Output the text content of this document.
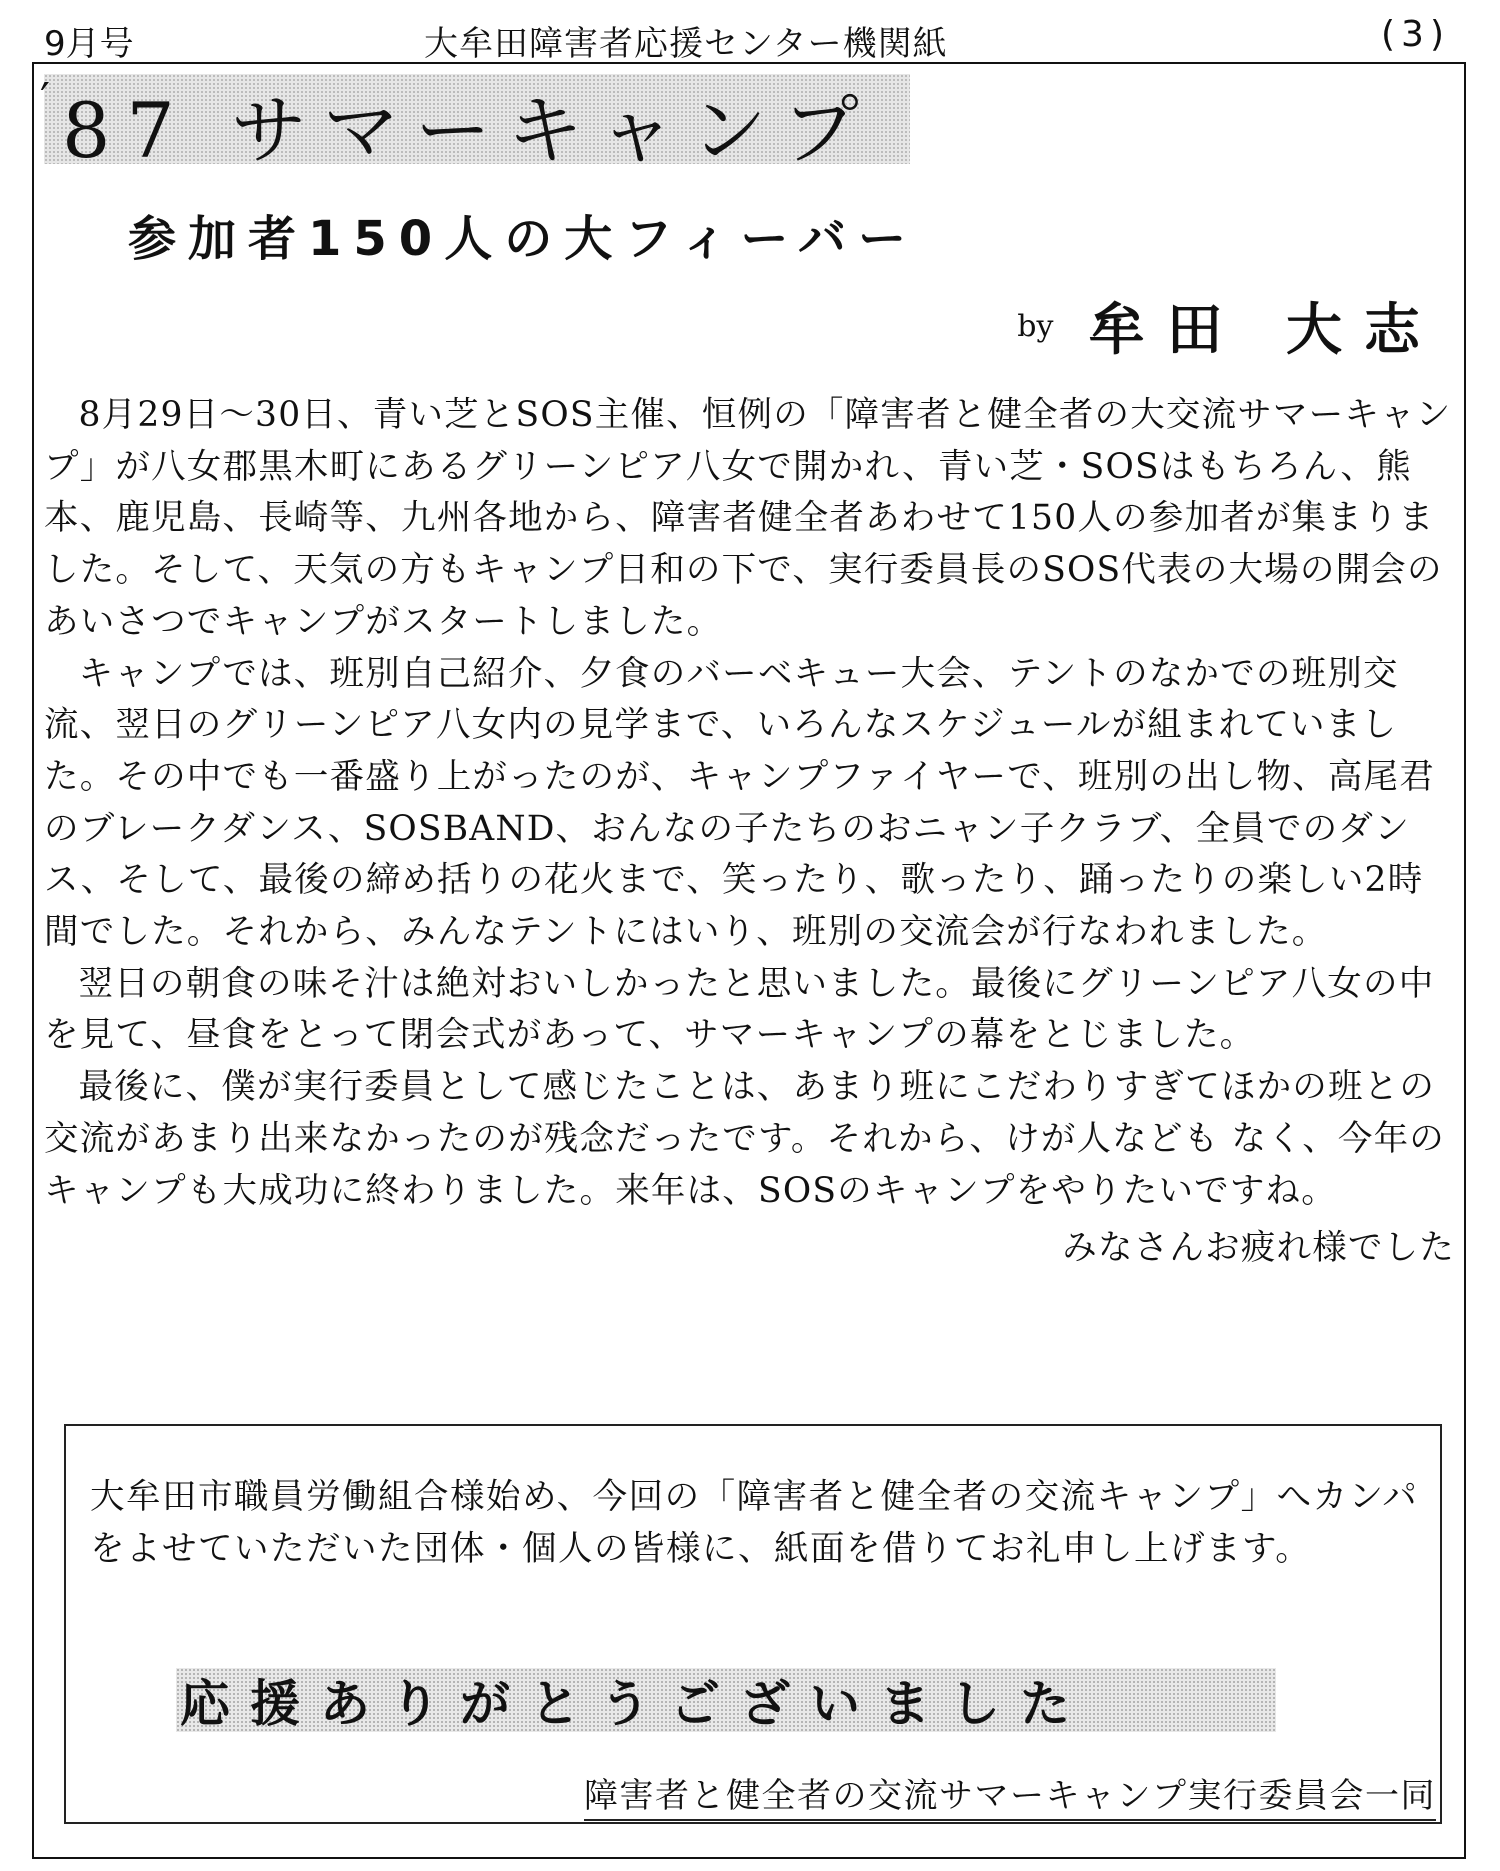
9月号	大牟田障害者応援センター機関紙	(3)
′ 87 サマーキャンプ
参加者150人の大フィーバー
by 牟田 大志

8月29日〜30日、青い芝とSOS主催、恒例の「障害者と健全者の大交流サマーキャンプ」が八女郡黒木町にあるグリーンピア八女で開かれ、青い芝・SOSはもちろん、熊本、鹿児島、長崎等、九州各地から、障害者健全者あわせて150人の参加者が集まりました。そして、天気の方もキャンプ日和の下で、実行委員長のSOS代表の大場の開会のあいさつでキャンプがスタートしました。

キャンプでは、班別自己紹介、夕食のバーベキュー大会、テントのなかでの班別交流、翌日のグリーンピア八女内の見学まで、いろんなスケジュールが組まれていました。その中でも一番盛り上がったのが、キャンプファイヤーで、班別の出し物、高尾君のブレークダンス、SOSBAND、おんなの子たちのおニャン子クラブ、全員でのダンス、そして、最後の締め括りの花火まで、笑ったり、歌ったり、踊ったりの楽しい2時間でした。それから、みんなテントにはいり、班別の交流会が行なわれました。

翌日の朝食の味そ汁は絶対おいしかったと思いました。最後にグリーンピア八女の中を見て、昼食をとって閉会式があって、サマーキャンプの幕をとじました。

最後に、僕が実行委員として感じたことは、あまり班にこだわりすぎてほかの班との交流があまり出来なかったのが残念だったです。それから、けが人なども なく、今年のキャンプも大成功に終わりました。来年は、SOSのキャンプをやりたいですね。

みなさんお疲れ様でした

大牟田市職員労働組合様始め、今回の「障害者と健全者の交流キャンプ」へカンパをよせていただいた団体・個人の皆様に、紙面を借りてお礼申し上げます。
応援ありがとうございました
障害者と健全者の交流サマーキャンプ実行委員会一同
